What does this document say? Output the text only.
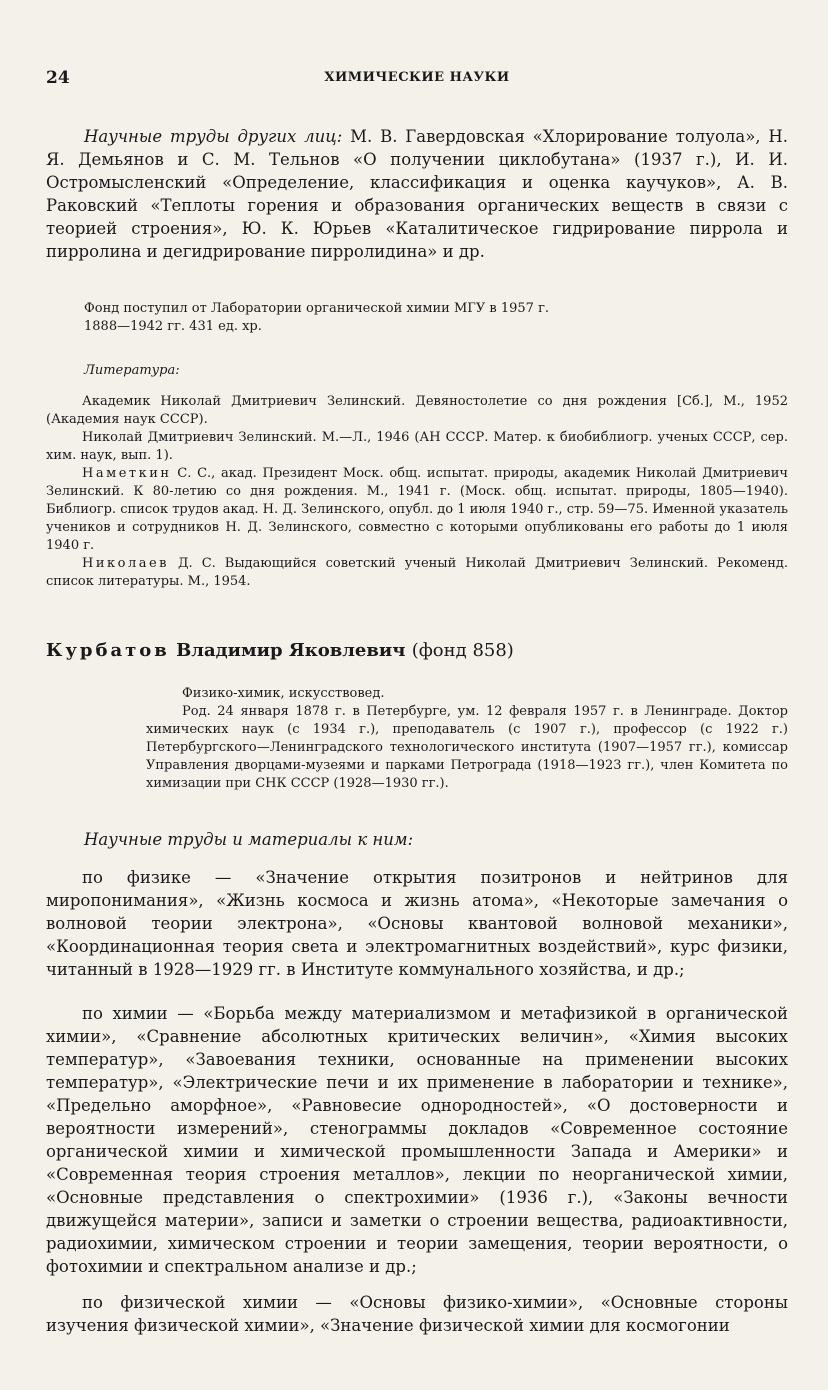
24	ХИМИЧЕСКИЕ НАУКИ

Научные труды других лиц: М. В. Гавердовская «Хлорирование толуола», Н. Я. Демьянов и С. М. Тельнов «О получении циклобутана» (1937 г.), И. И. Остромысленский «Определение, классификация и оценка каучуков», А. В. Раковский «Теплоты горения и образования органических веществ в связи с теорией строения», Ю. К. Юрьев «Каталитическое гидрирование пиррола и пирролина и дегидрирование пирролидина» и др.

Фонд поступил от Лаборатории органической химии МГУ в 1957 г.
1888—1942 гг. 431 ед. хр.
Литература:
Академик Николай Дмитриевич Зелинский. Девяностолетие со дня рождения [Сб.], М., 1952 (Академия наук СССР).
Николай Дмитриевич Зелинский. М.—Л., 1946 (АН СССР. Матер. к биобиблиогр. ученых СССР, сер. хим. наук, вып. 1).
Наметкин С. С., акад. Президент Моск. общ. испытат. природы, академик Николай Дмитриевич Зелинский. К 80-летию со дня рождения. М., 1941 г. (Моск. общ. испытат. природы, 1805—1940). Библиогр. список трудов акад. Н. Д. Зелинского, опубл. до 1 июля 1940 г., стр. 59—75. Именной указатель учеников и сотрудников Н. Д. Зелинского, совместно с которыми опубликованы его работы до 1 июля 1940 г.
Николаев Д. С. Выдающийся советский ученый Николай Дмитриевич Зелинский. Рекоменд. список литературы. М., 1954.
Курбатов Владимир Яковлевич (фонд 858)
Физико-химик, искусствовед.
Род. 24 января 1878 г. в Петербурге, ум. 12 февраля 1957 г. в Ленинграде. Доктор химических наук (с 1934 г.), преподаватель (с 1907 г.), профессор (с 1922 г.) Петербургского—Ленинградского технологического института (1907—1957 гг.), комиссар Управления дворцами-музеями и парками Петрограда (1918—1923 гг.), член Комитета по химизации при СНК СССР (1928—1930 гг.).
Научные труды и материалы к ним:

по физике — «Значение открытия позитронов и нейтринов для миропонимания», «Жизнь космоса и жизнь атома», «Некоторые замечания о волновой теории электрона», «Основы квантовой волновой механики», «Координационная теория света и электромагнитных воздействий», курс физики, читанный в 1928—1929 гг. в Институте коммунального хозяйства, и др.;

по химии — «Борьба между материализмом и метафизикой в органической химии», «Сравнение абсолютных критических величин», «Химия высоких температур», «Завоевания техники, основанные на применении высоких температур», «Электрические печи и их применение в лаборатории и технике», «Предельно аморфное», «Равновесие однородностей», «О достоверности и вероятности измерений», стенограммы докладов «Современное состояние органической химии и химической промышленности Запада и Америки» и «Современная теория строения металлов», лекции по неорганической химии, «Основные представления о спектрохимии» (1936 г.), «Законы вечности движущейся материи», записи и заметки о строении вещества, радиоактивности, радиохимии, химическом строении и теории замещения, теории вероятности, о фотохимии и спектральном анализе и др.;

по физической химии — «Основы физико-химии», «Основные стороны изучения физической химии», «Значение физической химии для космогонии
